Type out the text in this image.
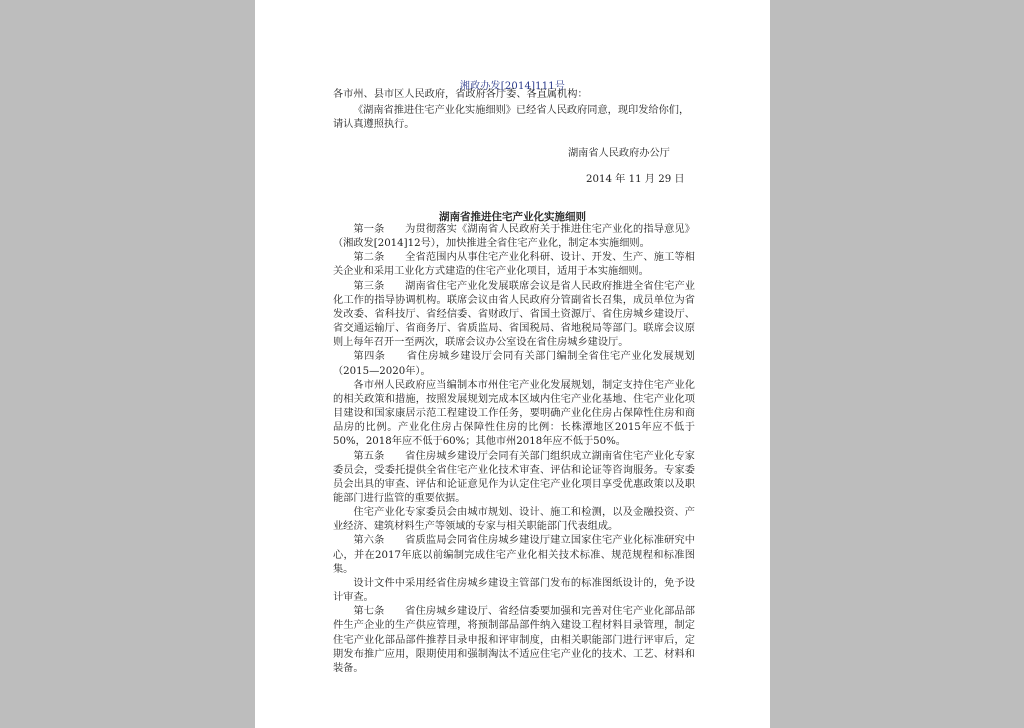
湘政办发[2014]111号
各市州、县市区人民政府，省政府各厅委、各直属机构：
《湖南省推进住宅产业化实施细则》已经省人民政府同意，现印发给你们，
请认真遵照执行。
湖南省人民政府办公厅
2014 年 11 月 29 日
湖南省推进住宅产业化实施细则

第一条　　为贯彻落实《湖南省人民政府关于推进住宅产业化的指导意见》（湘政发[2014]12号），加快推进全省住宅产业化，制定本实施细则。

第二条　　全省范围内从事住宅产业化科研、设计、开发、生产、施工等相关企业和采用工业化方式建造的住宅产业化项目，适用于本实施细则。

第三条　　湖南省住宅产业化发展联席会议是省人民政府推进全省住宅产业化工作的指导协调机构。联席会议由省人民政府分管副省长召集，成员单位为省发改委、省科技厅、省经信委、省财政厅、省国土资源厅、省住房城乡建设厅、省交通运输厅、省商务厅、省质监局、省国税局、省地税局等部门。联席会议原则上每年召开一至两次，联席会议办公室设在省住房城乡建设厅。

第四条　　省住房城乡建设厅会同有关部门编制全省住宅产业化发展规划（2015—2020年）。

各市州人民政府应当编制本市州住宅产业化发展规划，制定支持住宅产业化的相关政策和措施，按照发展规划完成本区域内住宅产业化基地、住宅产业化项目建设和国家康居示范工程建设工作任务，要明确产业化住房占保障性住房和商品房的比例。产业化住房占保障性住房的比例：长株潭地区2015年应不低于50%，2018年应不低于60%；其他市州2018年应不低于50%。

第五条　　省住房城乡建设厅会同有关部门组织成立湖南省住宅产业化专家委员会，受委托提供全省住宅产业化技术审查、评估和论证等咨询服务。专家委员会出具的审查、评估和论证意见作为认定住宅产业化项目享受优惠政策以及职能部门进行监管的重要依据。

住宅产业化专家委员会由城市规划、设计、施工和检测，以及金融投资、产业经济、建筑材料生产等领域的专家与相关职能部门代表组成。

第六条　　省质监局会同省住房城乡建设厅建立国家住宅产业化标准研究中心，并在2017年底以前编制完成住宅产业化相关技术标准、规范规程和标准图集。

设计文件中采用经省住房城乡建设主管部门发布的标准图纸设计的，免予设计审查。

第七条　　省住房城乡建设厅、省经信委要加强和完善对住宅产业化部品部件生产企业的生产供应管理，将预制部品部件纳入建设工程材料目录管理，制定住宅产业化部品部件推荐目录申报和评审制度，由相关职能部门进行评审后，定期发布推广应用，限期使用和强制淘汰不适应住宅产业化的技术、工艺、材料和装备。
